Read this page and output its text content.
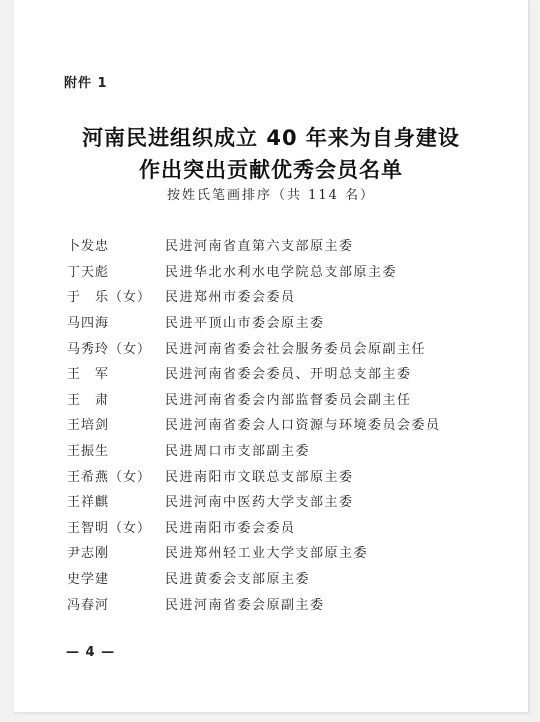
附件 1
河南民进组织成立 40 年来为自身建设
作出突出贡献优秀会员名单
按姓氏笔画排序（共 114 名）
卜发忠	民进河南省直第六支部原主委
丁天彪	民进华北水利水电学院总支部原主委
于　乐（女）	民进郑州市委会委员
马四海	民进平顶山市委会原主委
马秀玲（女）	民进河南省委会社会服务委员会原副主任
王　军	民进河南省委会委员、开明总支部主委
王　肃	民进河南省委会内部监督委员会副主任
王培剑	民进河南省委会人口资源与环境委员会委员
王振生	民进周口市支部副主委
王希燕（女）	民进南阳市文联总支部原主委
王祥麒	民进河南中医药大学支部主委
王智明（女）	民进南阳市委会委员
尹志刚	民进郑州轻工业大学支部原主委
史学建	民进黄委会支部原主委
冯春河	民进河南省委会原副主委
— 4 —
